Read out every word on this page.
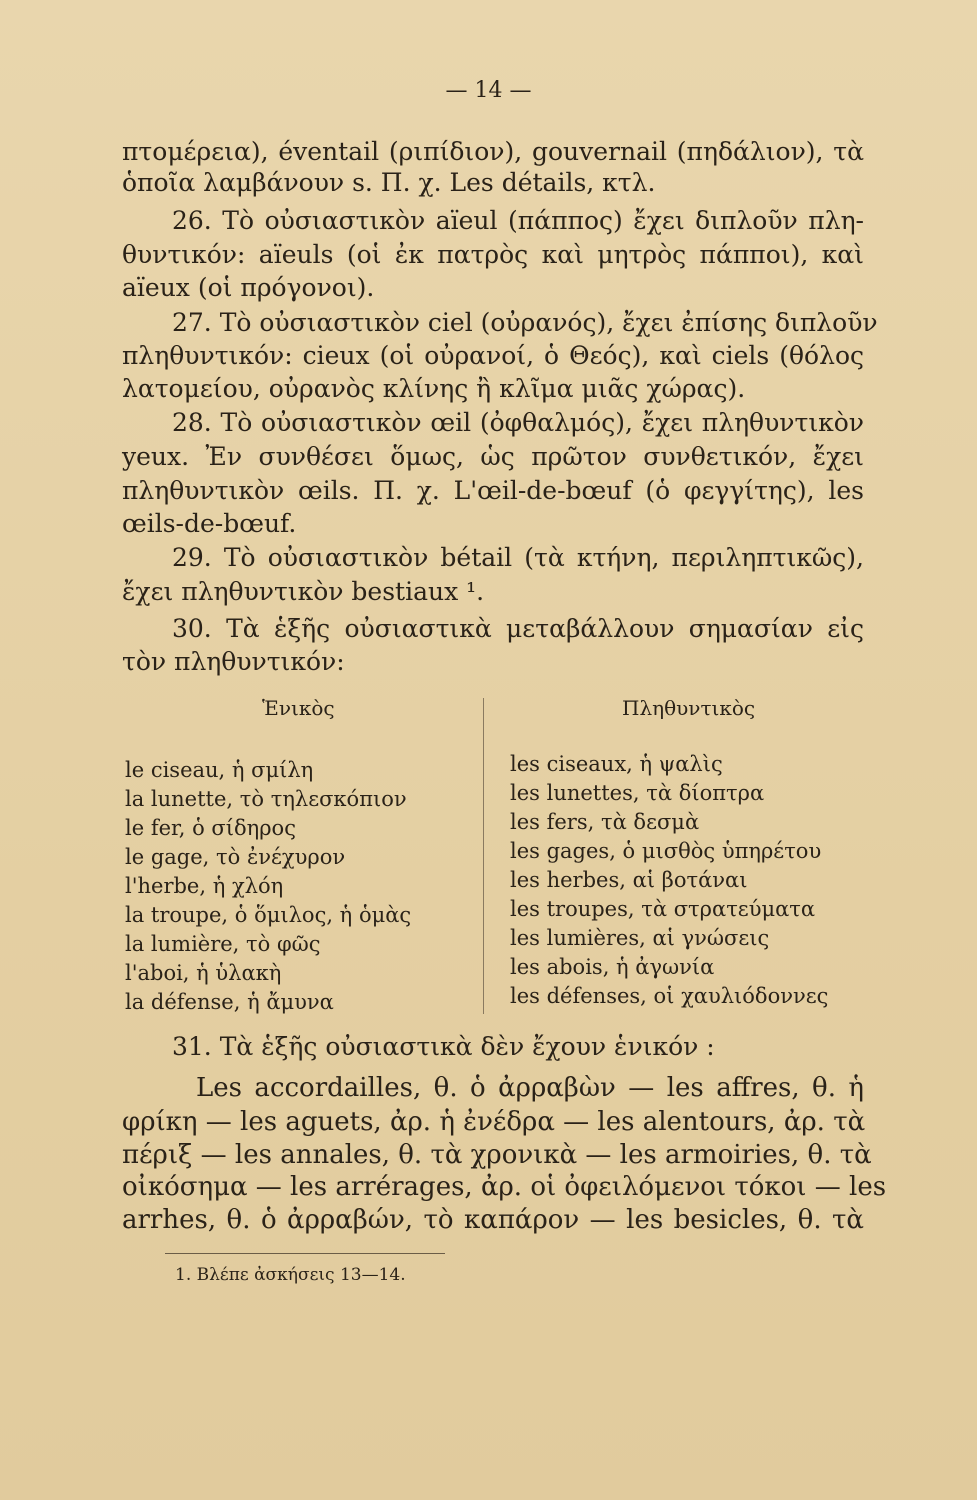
— 14 —
πτομέρεια), éventail (ριπίδιον), gouvernail (πηδάλιον), τὰ
ὁποῖα λαμβάνουν s. Π. χ. Les détails, κτλ.
26. Τὸ οὐσιαστικὸν aïeul (πάππος) ἔχει διπλοῦν πλη-
θυντικόν: aïeuls (οἱ ἐκ πατρὸς καὶ μητρὸς πάπποι), καὶ
aïeux (οἱ πρόγονοι).
27. Τὸ οὐσιαστικὸν ciel (οὐρανός), ἔχει ἐπίσης διπλοῦν
πληθυντικόν: cieux (οἱ οὐρανοί, ὁ Θεός), καὶ ciels (θόλος
λατομείου, οὐρανὸς κλίνης ἢ κλῖμα μιᾶς χώρας).
28. Τὸ οὐσιαστικὸν œil (ὀφθαλμός), ἔχει πληθυντικὸν
yeux. Ἐν συνθέσει ὅμως, ὡς πρῶτον συνθετικόν, ἔχει
πληθυντικὸν œils. Π. χ. L'œil-de-bœuf (ὁ φεγγίτης), les
œils-de-bœuf.
29. Τὸ οὐσιαστικὸν bétail (τὰ κτήνη, περιληπτικῶς),
ἔχει πληθυντικὸν bestiaux ¹.
30. Τὰ ἑξῆς οὐσιαστικὰ μεταβάλλουν σημασίαν εἰς
τὸν πληθυντικόν:
Ἑνικὸς	Πληθυντικὸς
le ciseau, ἡ σμίλη	les ciseaux, ἡ ψαλὶς
la lunette, τὸ τηλεσκόπιον	les lunettes, τὰ δίοπτρα
le fer, ὁ σίδηρος	les fers, τὰ δεσμὰ
le gage, τὸ ἐνέχυρον	les gages, ὁ μισθὸς ὑπηρέτου
l'herbe, ἡ χλόη	les herbes, αἱ βοτάναι
la troupe, ὁ ὅμιλος, ἡ ὁμὰς	les troupes, τὰ στρατεύματα
la lumière, τὸ φῶς	les lumières, αἱ γνώσεις
l'aboi, ἡ ὑλακὴ	les abois, ἡ ἀγωνία
la défense, ἡ ἄμυνα	les défenses, οἱ χαυλιόδοννες
31. Τὰ ἑξῆς οὐσιαστικὰ δὲν ἔχουν ἑνικόν :
Les accordailles, θ. ὁ ἀρραβὼν — les affres, θ. ἡ
φρίκη — les aguets, ἀρ. ἡ ἐνέδρα — les alentours, ἀρ. τὰ
πέριξ — les annales, θ. τὰ χρονικὰ — les armoiries, θ. τὰ
οἰκόσημα — les arrérages, ἀρ. οἱ ὀφειλόμενοι τόκοι — les
arrhes, θ. ὁ ἀρραβών, τὸ καπάρον — les besicles, θ. τὰ
1. Βλέπε ἀσκήσεις 13—14.
